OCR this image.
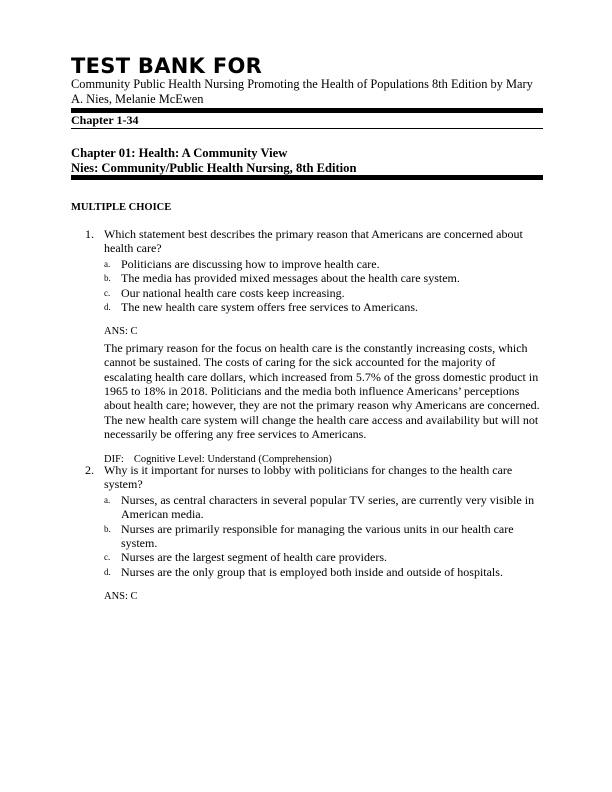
TEST BANK FOR
Community Public Health Nursing Promoting the Health of Populations 8th Edition by Mary A. Nies, Melanie McEwen
Chapter 1-34
Chapter 01: Health: A Community View
Nies: Community/Public Health Nursing, 8th Edition
MULTIPLE CHOICE
1. Which statement best describes the primary reason that Americans are concerned about health care?
a. Politicians are discussing how to improve health care.
b. The media has provided mixed messages about the health care system.
c. Our national health care costs keep increasing.
d. The new health care system offers free services to Americans.
ANS: C
The primary reason for the focus on health care is the constantly increasing costs, which cannot be sustained. The costs of caring for the sick accounted for the majority of escalating health care dollars, which increased from 5.7% of the gross domestic product in 1965 to 18% in 2018. Politicians and the media both influence Americans’ perceptions about health care; however, they are not the primary reason why Americans are concerned. The new health care system will change the health care access and availability but will not necessarily be offering any free services to Americans.
DIF: Cognitive Level: Understand (Comprehension)
2. Why is it important for nurses to lobby with politicians for changes to the health care system?
a. Nurses, as central characters in several popular TV series, are currently very visible in American media.
b. Nurses are primarily responsible for managing the various units in our health care system.
c. Nurses are the largest segment of health care providers.
d. Nurses are the only group that is employed both inside and outside of hospitals.
ANS: C
